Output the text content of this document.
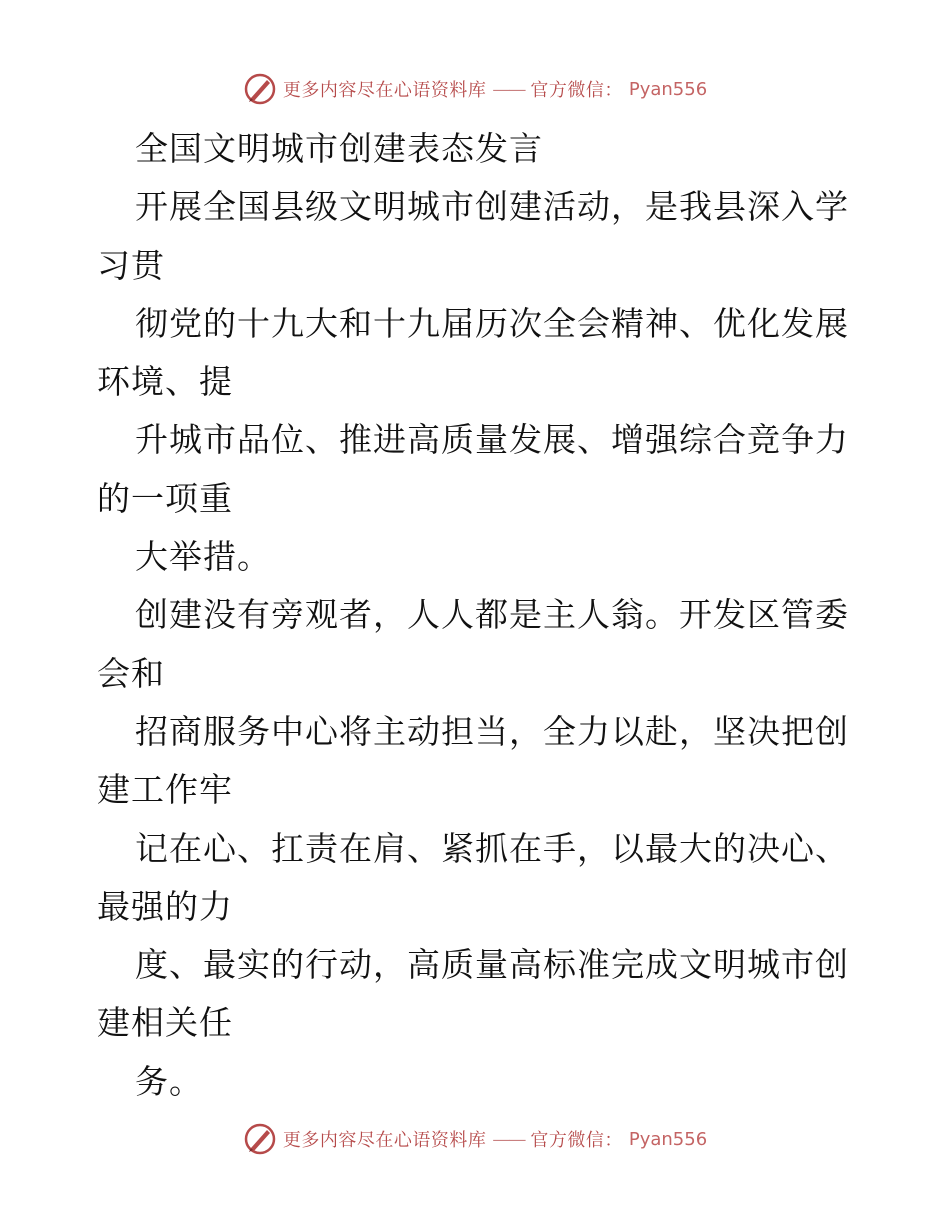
更多内容尽在心语资料库 —— 官方微信： Pyan556
全国文明城市创建表态发言
开展全国县级文明城市创建活动，是我县深入学
习贯
彻党的十九大和十九届历次全会精神、优化发展
环境、提
升城市品位、推进高质量发展、增强综合竞争力
的一项重
大举措。
创建没有旁观者，人人都是主人翁。开发区管委
会和
招商服务中心将主动担当，全力以赴，坚决把创
建工作牢
记在心、扛责在肩、紧抓在手，以最大的决心、
最强的力
度、最实的行动，高质量高标准完成文明城市创
建相关任
务。
更多内容尽在心语资料库 —— 官方微信： Pyan556
